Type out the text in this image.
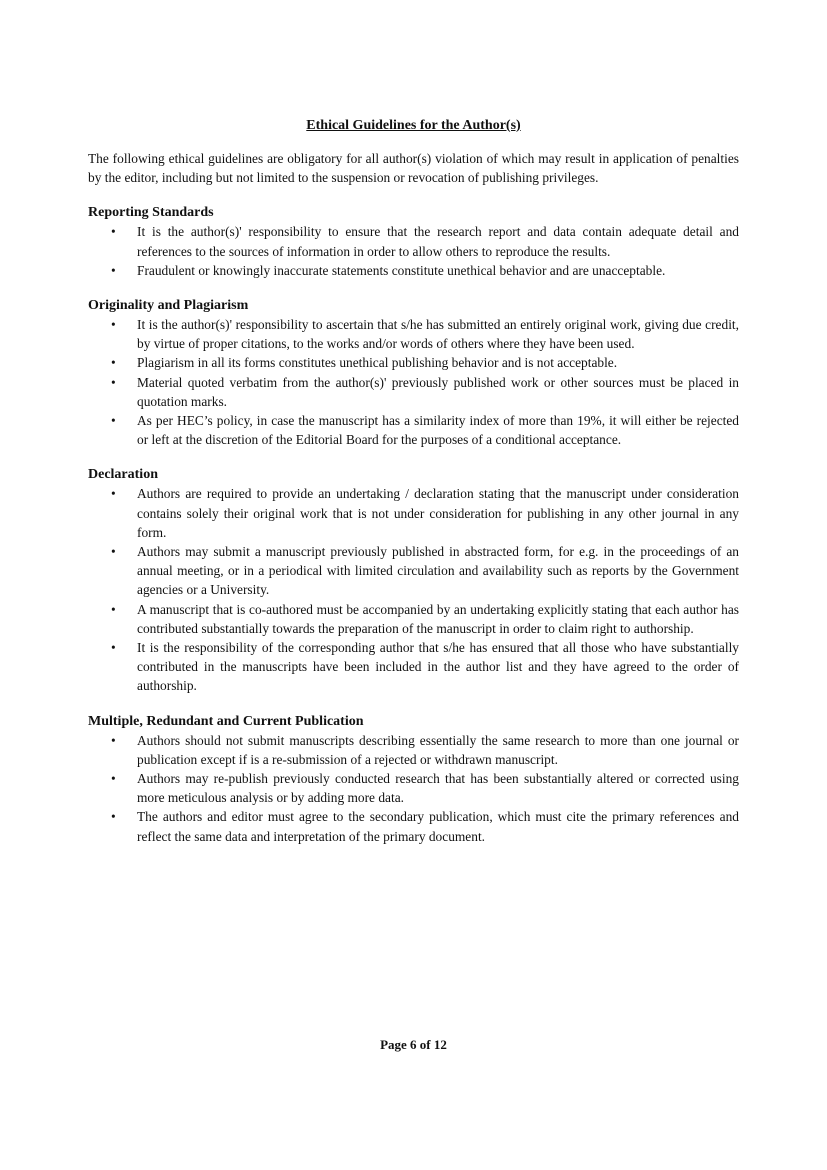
Ethical Guidelines for the Author(s)
The following ethical guidelines are obligatory for all author(s) violation of which may result in application of penalties by the editor, including but not limited to the suspension or revocation of publishing privileges.
Reporting Standards
• It is the author(s)' responsibility to ensure that the research report and data contain adequate detail and references to the sources of information in order to allow others to reproduce the results.
• Fraudulent or knowingly inaccurate statements constitute unethical behavior and are unacceptable.
Originality and Plagiarism
• It is the author(s)' responsibility to ascertain that s/he has submitted an entirely original work, giving due credit, by virtue of proper citations, to the works and/or words of others where they have been used.
• Plagiarism in all its forms constitutes unethical publishing behavior and is not acceptable.
• Material quoted verbatim from the author(s)' previously published work or other sources must be placed in quotation marks.
• As per HEC’s policy, in case the manuscript has a similarity index of more than 19%, it will either be rejected or left at the discretion of the Editorial Board for the purposes of a conditional acceptance.
Declaration
• Authors are required to provide an undertaking / declaration stating that the manuscript under consideration contains solely their original work that is not under consideration for publishing in any other journal in any form.
• Authors may submit a manuscript previously published in abstracted form, for e.g. in the proceedings of an annual meeting, or in a periodical with limited circulation and availability such as reports by the Government agencies or a University.
• A manuscript that is co-authored must be accompanied by an undertaking explicitly stating that each author has contributed substantially towards the preparation of the manuscript in order to claim right to authorship.
• It is the responsibility of the corresponding author that s/he has ensured that all those who have substantially contributed in the manuscripts have been included in the author list and they have agreed to the order of authorship.
Multiple, Redundant and Current Publication
• Authors should not submit manuscripts describing essentially the same research to more than one journal or publication except if is a re-submission of a rejected or withdrawn manuscript.
• Authors may re-publish previously conducted research that has been substantially altered or corrected using more meticulous analysis or by adding more data.
• The authors and editor must agree to the secondary publication, which must cite the primary references and reflect the same data and interpretation of the primary document.
Page 6 of 12
